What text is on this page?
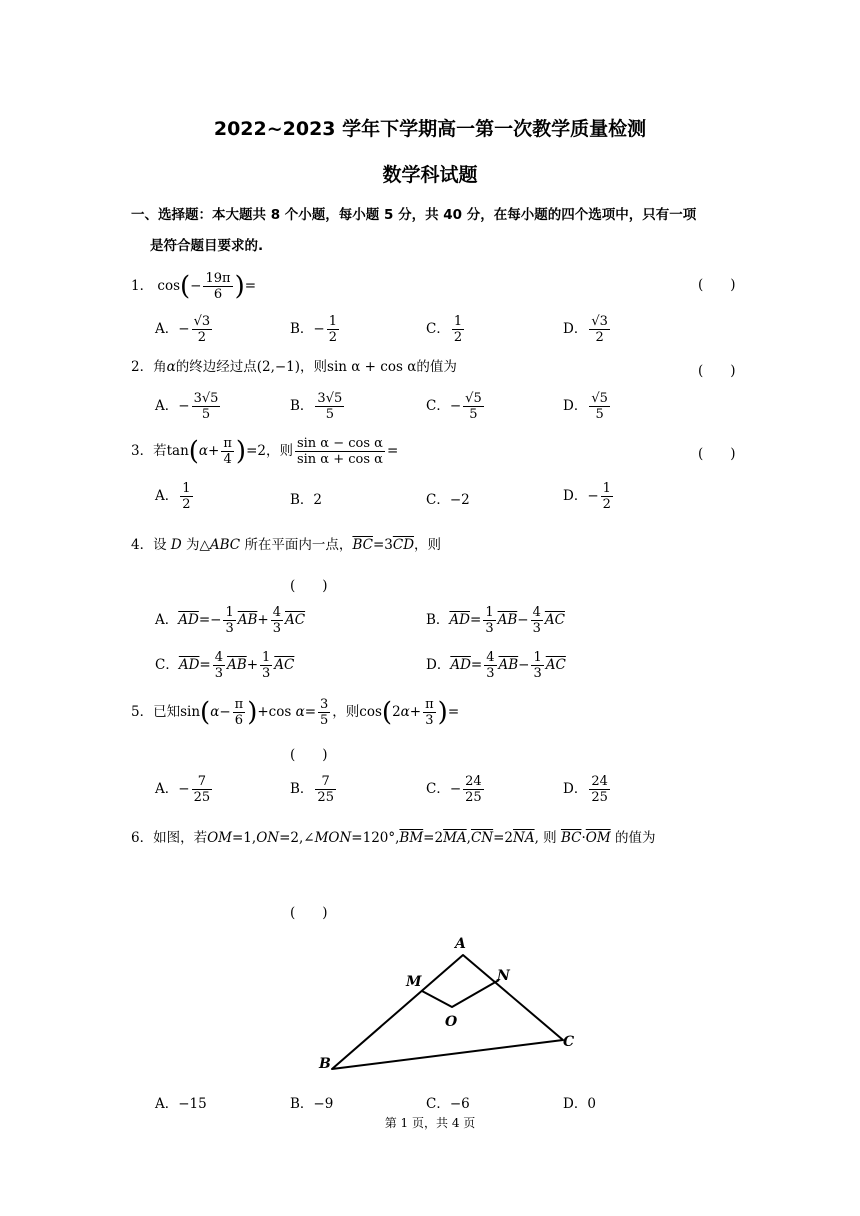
2022~2023 学年下学期高一第一次教学质量检测
数学科试题
一、选择题：本大题共 8 个小题，每小题 5 分，共 40 分，在每小题的四个选项中，只有一项
是符合题目要求的.
1． $\cos(- \frac{19\pi}{6}$ )=	(　　)
A．− $\frac{√3}{2}$	B．− $\frac{1}{2}$	C． $\frac{1}{2}$	D． $\frac{√3}{2}$
2．角α的终边经过点(2,−1)，则sin α + cos α的值为	(　　)
A．− $\frac{3√5}{5}$	B． $\frac{3√5}{5}$	C．− $\frac{√5}{5}$	D． $\frac{√5}{5}$
3．若$\tan(\alpha+ \frac{\pi}{4} )=2$，则 $\frac{\text{sin α − cos α}}{\text{sin α + cos α}}$ =	(　　)
A． $\frac{1}{2}$	B．2	C．−2	D．− $\frac{1}{2}$
4．设 D 为△ABC 所在平面内一点，$\overline{BC}=3\overline{CD}$，则
(　　)
A．$\overline{AD}=- \frac{1}{3} \overline{AB}+ \frac{4}{3} \overline{AC}$	B．$\overline{AD}= \frac{1}{3} \overline{AB}- \frac{4}{3} \overline{AC}$
C．$\overline{AD}= \frac{4}{3} \overline{AB}+ \frac{1}{3} \overline{AC}$	D．$\overline{AD}= \frac{4}{3} \overline{AB}- \frac{1}{3} \overline{AC}$
5．已知$\sin(\alpha- \frac{\pi}{6} )+\cos$ $\alpha= \frac{3}{5}$ ，则$\cos(2\alpha+ \frac{\pi}{3}$ )=
(　　)
A．− $\frac{7}{25}$	B． $\frac{7}{25}$	C．− $\frac{24}{25}$	D． $\frac{24}{25}$
6．如图，若$OM=1,ON=2,\angle MON=120^\circ,\overline{BM}=2\overline{MA},\overline{CN}=2\overline{NA}$, 则 $\overline{BC}\cdot\overline{OM}$ 的值为
(　　)
A
M	N
O
B
C
A．−15	B．−9	C．−6	D．0
第 1 页，共 4 页
